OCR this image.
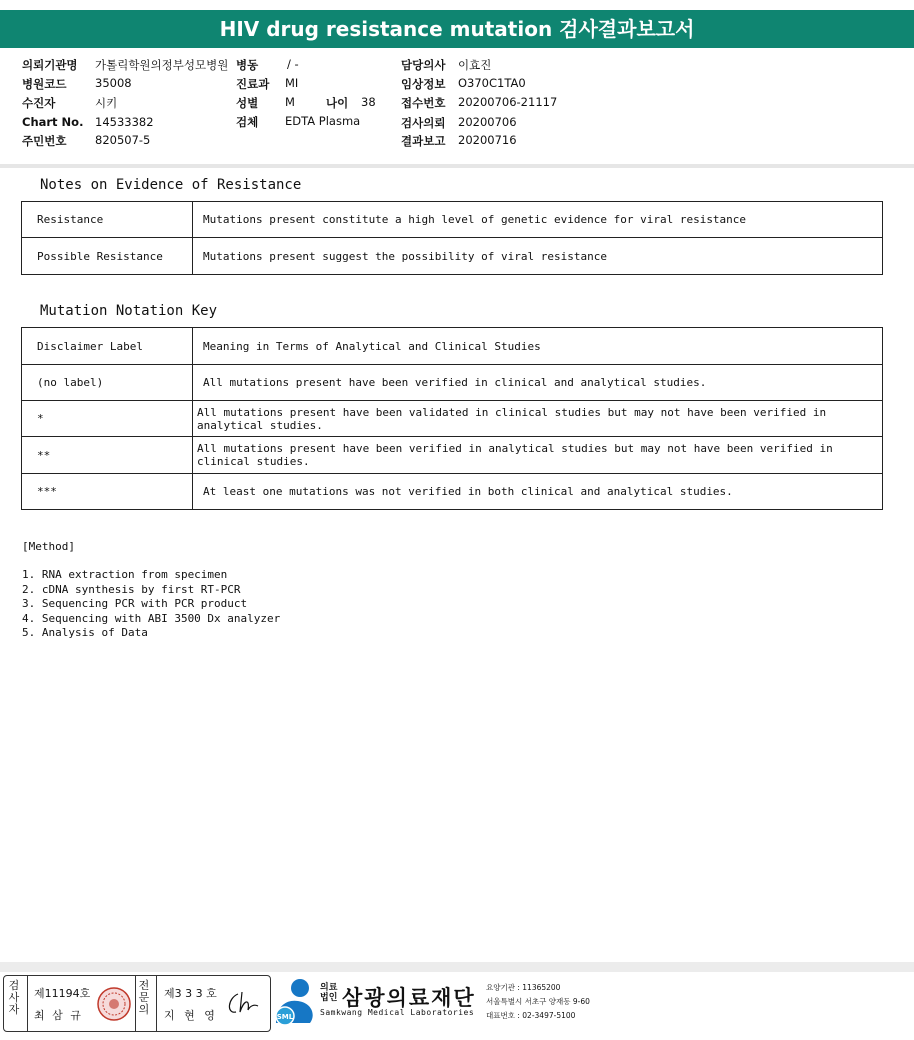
HIV drug resistance mutation 검사결과보고서
의뢰기관명 가톨릭학원의정부성모병원
병원코드 35008
수진자	시키
Chart No. 14533382
주민번호 820507-5
병동	/ -
진료과 MI
성별 M	나이 38
검체 EDTA Plasma
담당의사 이효진
임상정보 O370C1TA0
접수번호 20200706-21117
검사의뢰 20200706
결과보고 20200716
Notes on Evidence of Resistance
Resistance	Mutations present constitute a high level of genetic evidence for viral resistance
Possible Resistance	Mutations present suggest the possibility of viral resistance
Mutation Notation Key
Disclaimer Label	Meaning in Terms of Analytical and Clinical Studies
(no label)	All mutations present have been verified in clinical and analytical studies.
*	All mutations present have been validated in clinical studies but may not have been verified in analytical studies.
**	All mutations present have been verified in analytical studies but may not have been verified in clinical studies.
***	At least one mutations was not verified in both clinical and analytical studies.
[Method]
1. RNA extraction from specimen
2. cDNA synthesis by first RT-PCR
3. Sequencing PCR with PCR product
4. Sequencing with ABI 3500 Dx analyzer
5. Analysis of Data
검사자
제11194호
최 삼 규
전문의
제3 3 3 호
지 현 영	SML
의료법인 삼광의료재단
Samkwang Medical Laboratories
요양기관 : 11365200
서울특별시 서초구 양재동 9-60
대표번호 : 02-3497-5100
